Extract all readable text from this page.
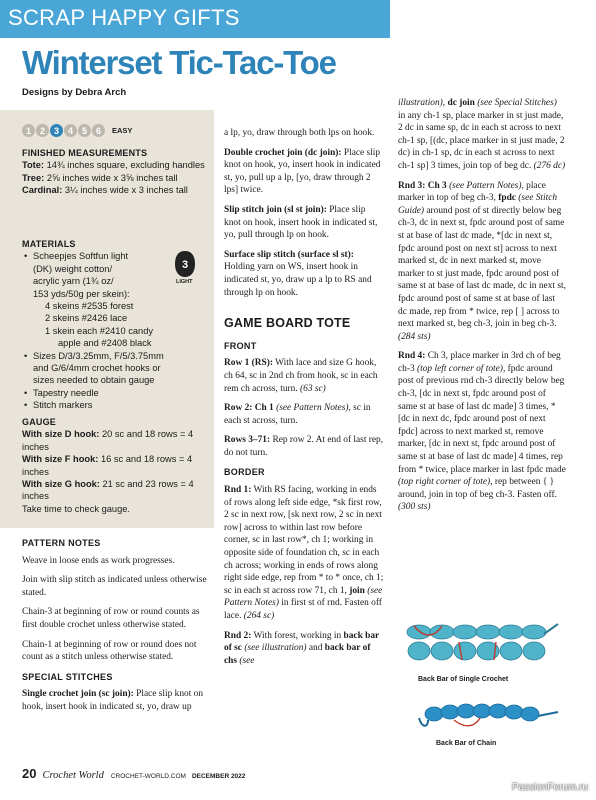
SCRAP HAPPY GIFTS
Winterset Tic-Tac-Toe
Designs by Debra Arch
1 2 3 4 5 6	EASY

FINISHED MEASUREMENTS

Tote: 14¾ inches square, excluding handles

Tree: 2⅝ inches wide x 3⅝ inches tall

Cardinal: 3¼ inches wide x 3 inches tall

MATERIALS

• Scheepjes Softfun light
(DK) weight cotton/
acrylic yarn (1¾ oz/
153 yds/50g per skein):
4 skeins #2535 forest
2 skeins #2426 lace
1 skein each #2410 candy
apple and #2408 black
• Sizes D/3/3.25mm, F/5/3.75mm
and G/6/4mm crochet hooks or
sizes needed to obtain gauge
• Tapestry needle
• Stitch markers
3
LIGHT

GAUGE

With size D hook: 20 sc and 18 rows = 4 inches

With size F hook: 16 sc and 18 rows = 4 inches

With size G hook: 21 sc and 23 rows = 4 inches

Take time to check gauge.

PATTERN NOTES

Weave in loose ends as work progresses.

Join with slip stitch as indicated unless otherwise stated.

Chain-3 at beginning of row or round counts as first double crochet unless otherwise stated.

Chain-1 at beginning of row or round does not count as a stitch unless otherwise stated.

SPECIAL STITCHES

Single crochet join (sc join): Place slip knot on hook, insert hook in indicated st, yo, draw up

a lp, yo, draw through both lps on hook.

Double crochet join (dc join): Place slip knot on hook, yo, insert hook in indicated st, yo, pull up a lp, [yo, draw through 2 lps] twice.

Slip stitch join (sl st join): Place slip knot on hook, insert hook in indicated st, yo, pull through lp on hook.

Surface slip stitch (surface sl st): Holding yarn on WS, insert hook in indicated st, yo, draw up a lp to RS and through lp on hook.

GAME BOARD TOTE

FRONT

Row 1 (RS): With lace and size G hook, ch 64, sc in 2nd ch from hook, sc in each rem ch across, turn. (63 sc)

Row 2: Ch 1 (see Pattern Notes), sc in each st across, turn.

Rows 3–71: Rep row 2. At end of last rep, do not turn.

BORDER

Rnd 1: With RS facing, working in ends of rows along left side edge, *sk first row, 2 sc in next row, [sk next row, 2 sc in next row] across to within last row before corner, sc in last row*, ch 1; working in opposite side of foundation ch, sc in each ch across; working in ends of rows along right side edge, rep from * to * once, ch 1; sc in each st across row 71, ch 1, join (see Pattern Notes) in first st of rnd. Fasten off lace. (264 sc)

Rnd 2: With forest, working in back bar of sc (see illustration) and back bar of chs (see

illustration), dc join (see Special Stitches) in any ch-1 sp, place marker in st just made, 2 dc in same sp, dc in each st across to next ch-1 sp, [(dc, place marker in st just made, 2 dc) in ch-1 sp, dc in each st across to next ch-1 sp] 3 times, join top of beg dc. (276 dc)

Rnd 3: Ch 3 (see Pattern Notes), place marker in top of beg ch-3, fpdc (see Stitch Guide) around post of st directly below beg ch-3, dc in next st, fpdc around post of same st at base of last dc made, *[dc in next st, fpdc around post on next st] across to next marked st, dc in next marked st, move marker to st just made, fpdc around post of same st at base of last dc made, dc in next st, fpdc around post of same st at base of last dc made, rep from * twice, rep [ ] across to next marked st, beg ch-3, join in beg ch-3. (284 sts)

Rnd 4: Ch 3, place marker in 3rd ch of beg ch-3 (top left corner of tote), fpdc around post of previous rnd ch-3 directly below beg ch-3, [dc in next st, fpdc around post of same st at base of last dc made] 3 times, *[dc in next dc, fpdc around post of next fpdc] across to next marked st, remove marker, [dc in next st, fpdc around post of same st at base of last dc made] 4 times, rep from * twice, place marker in last fpdc made (top right corner of tote), rep between { } around, join in top of beg ch-3. Fasten off. (300 sts)

Back Bar of Single Crochet
Back Bar of Chain
20 Crochet World CROCHET-WORLD.COM DECEMBER 2022
PassionForum.ru
